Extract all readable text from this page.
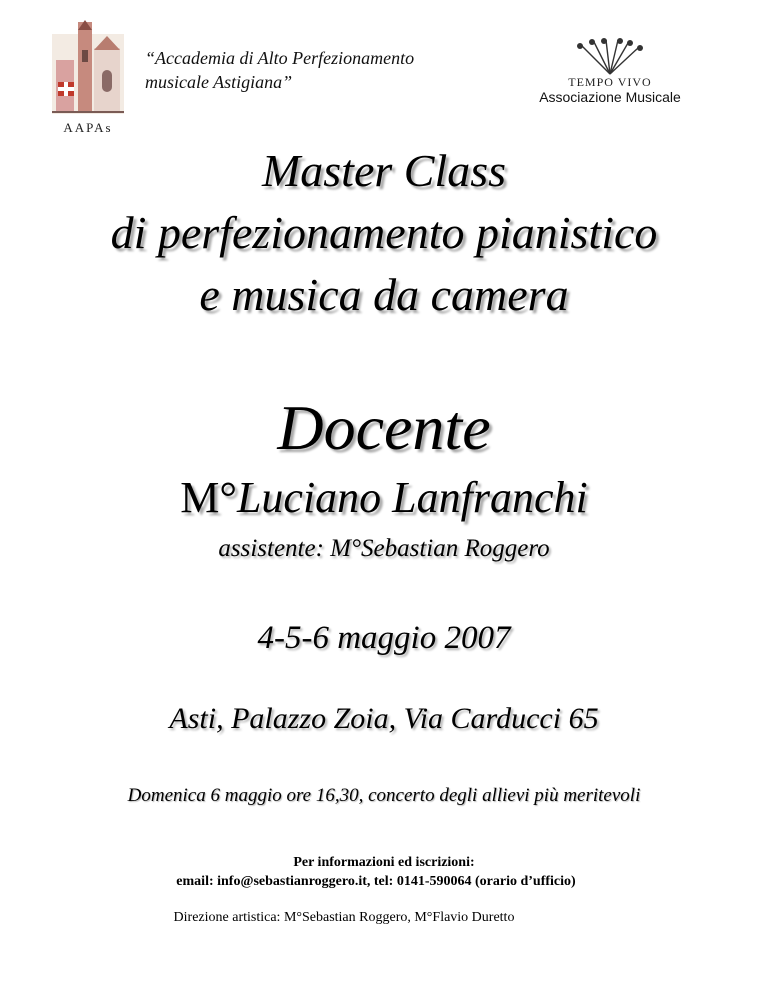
AAPAs
“Accademia di Alto Perfezionamento
musicale Astigiana”	TEMPO VIVO
Associazione Musicale
Master Class
di perfezionamento pianistico
e musica da camera
Docente
M°Luciano Lanfranchi
assistente: M°Sebastian Roggero
4-5-6 maggio 2007
Asti, Palazzo Zoia, Via Carducci 65
Domenica 6 maggio ore 16,30, concerto degli allievi più meritevoli
Per informazioni ed iscrizioni:
email: info@sebastianroggero.it, tel: 0141-590064 (orario d’ufficio)
Direzione artistica: M°Sebastian Roggero, M°Flavio Duretto
